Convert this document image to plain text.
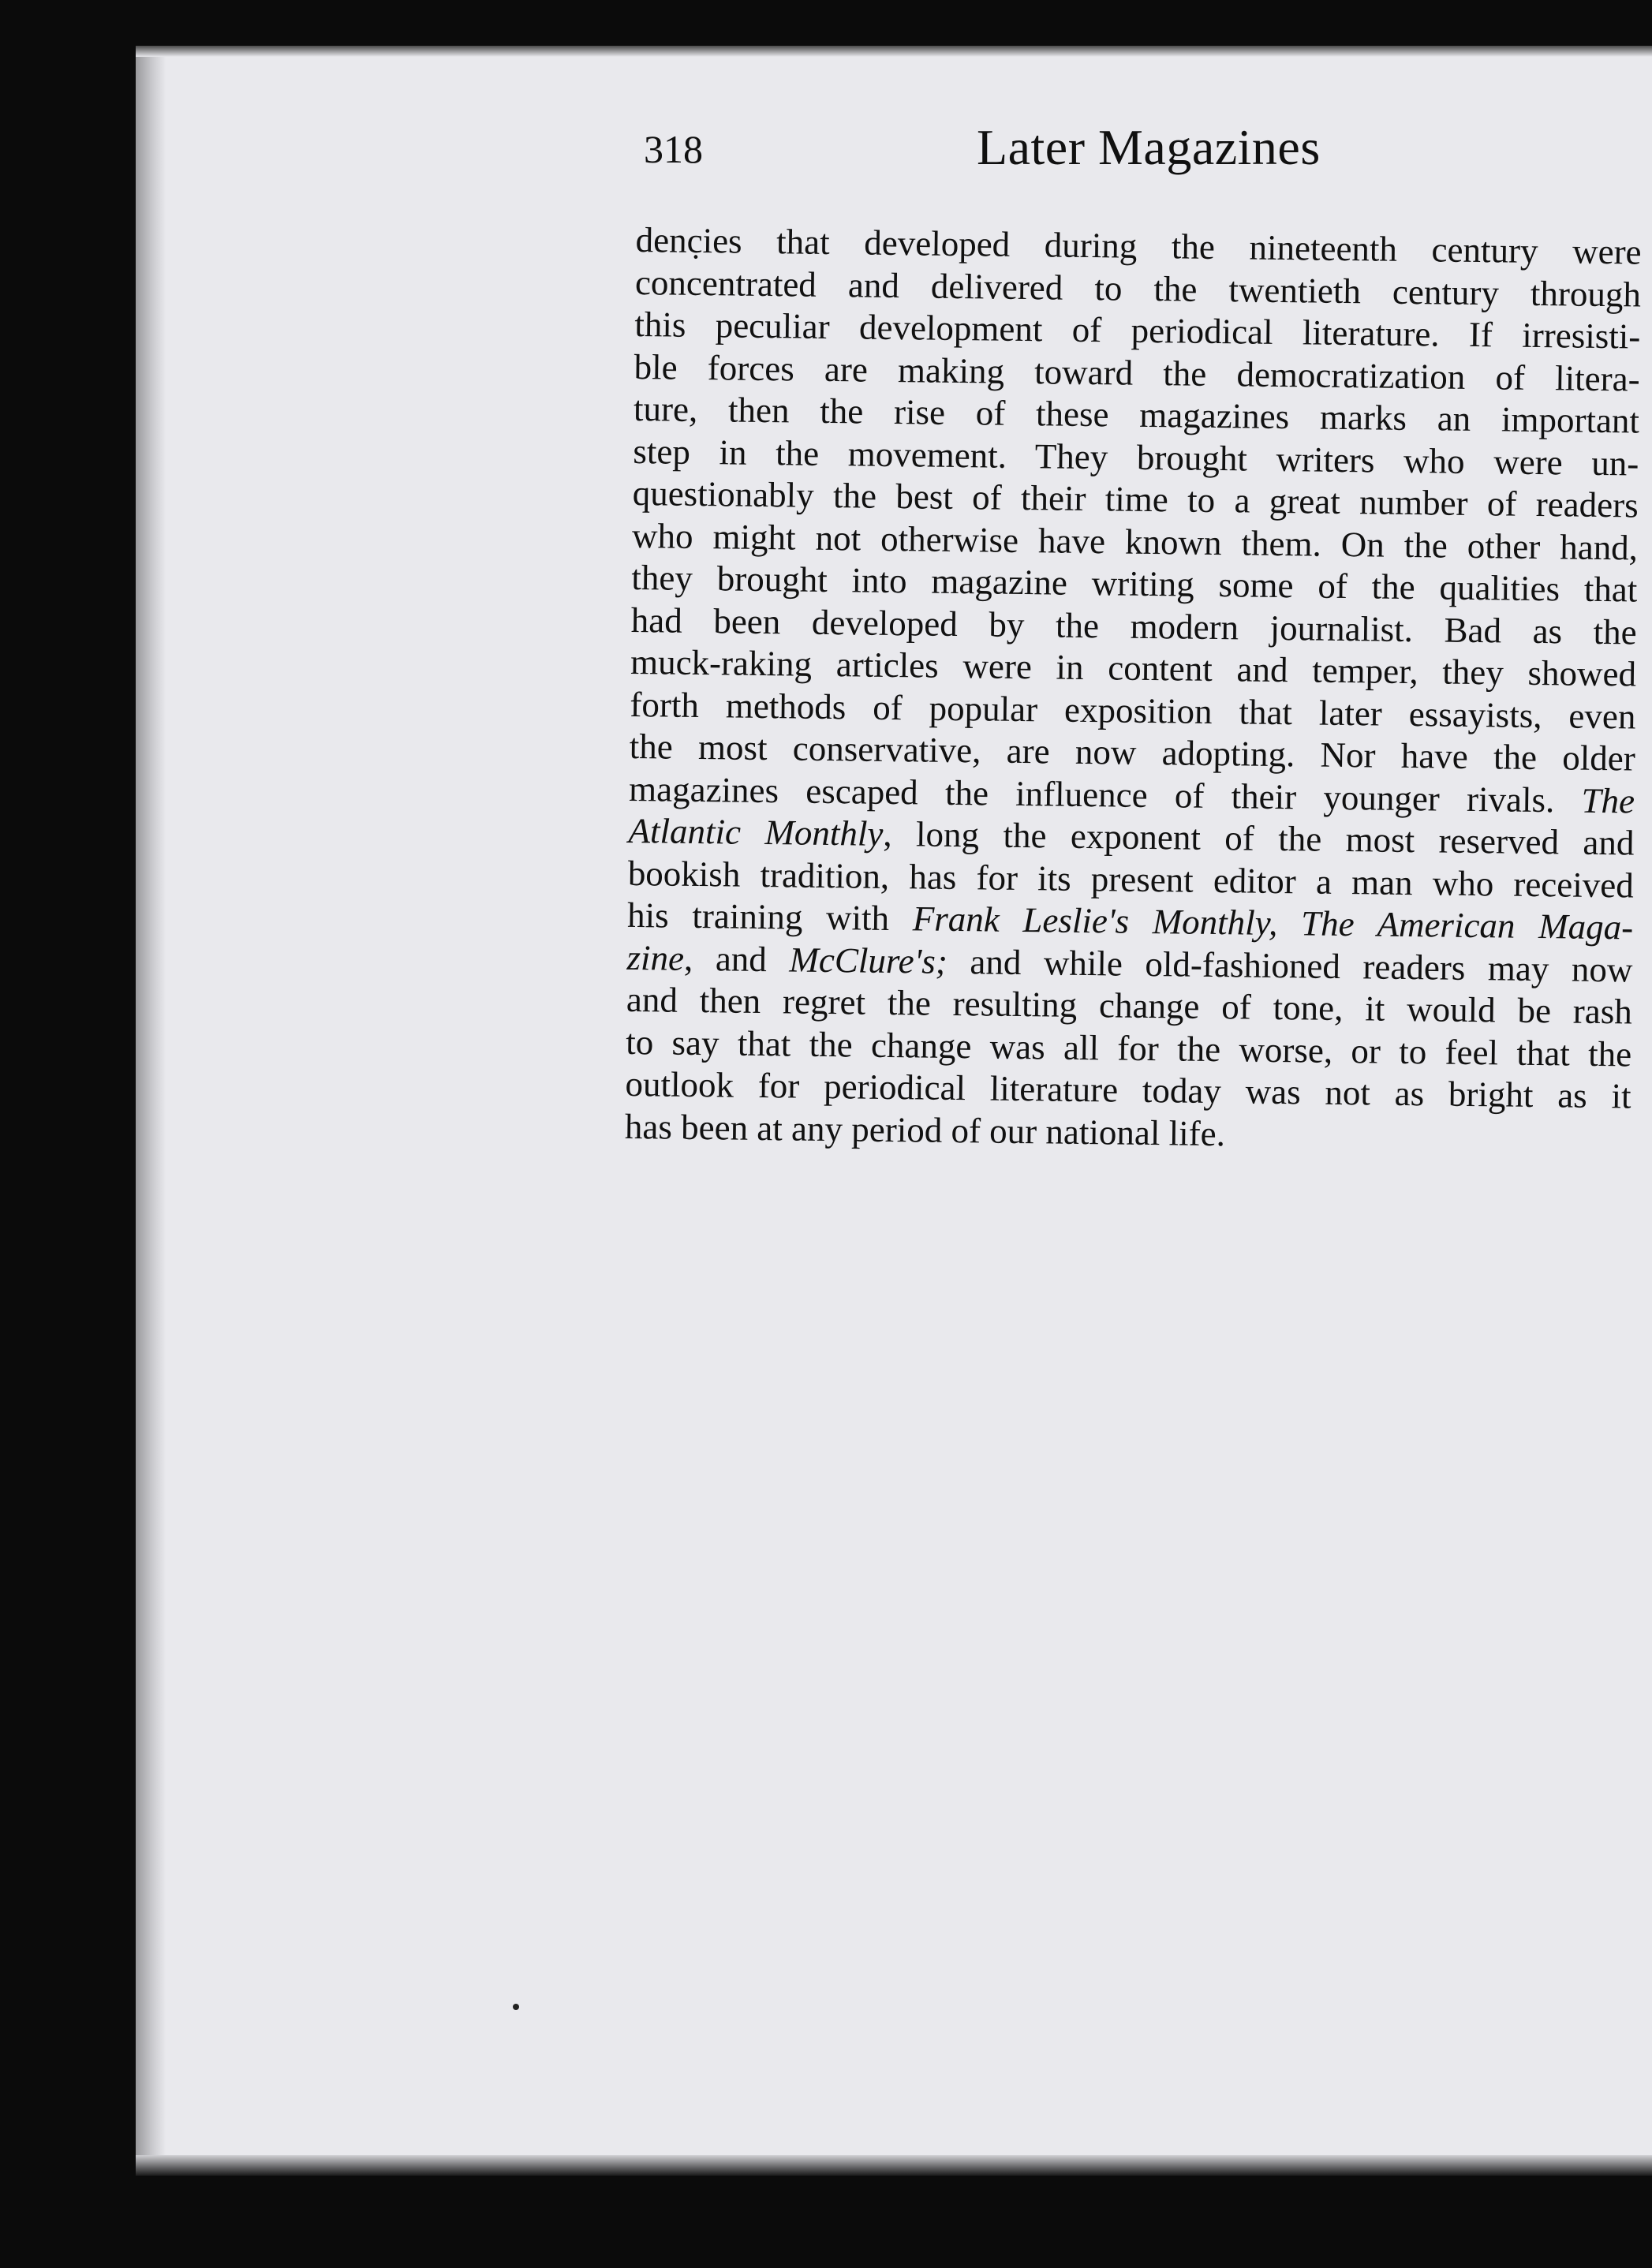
318	Later Magazines

denc̣ies that developed during the nineteenth century were
concentrated and delivered to the twentieth century through
this peculiar development of periodical literature. If irresisti-
ble forces are making toward the democratization of litera-
ture, then the rise of these magazines marks an important
step in the movement. They brought writers who were un-
questionably the best of their time to a great number of readers
who might not otherwise have known them. On the other hand,
they brought into magazine writing some of the qualities that
had been developed by the modern journalist. Bad as the
muck-raking articles were in content and temper, they showed
forth methods of popular exposition that later essayists, even
the most conservative, are now adopting. Nor have the older
magazines escaped the influence of their younger rivals. The
Atlantic Monthly, long the exponent of the most reserved and
bookish tradition, has for its present editor a man who received
his training with Frank Leslie's Monthly, The American Maga-
zine, and McClure's; and while old-fashioned readers may now
and then regret the resulting change of tone, it would be rash
to say that the change was all for the worse, or to feel that the
outlook for periodical literature today was not as bright as it
has been at any period of our national life.
